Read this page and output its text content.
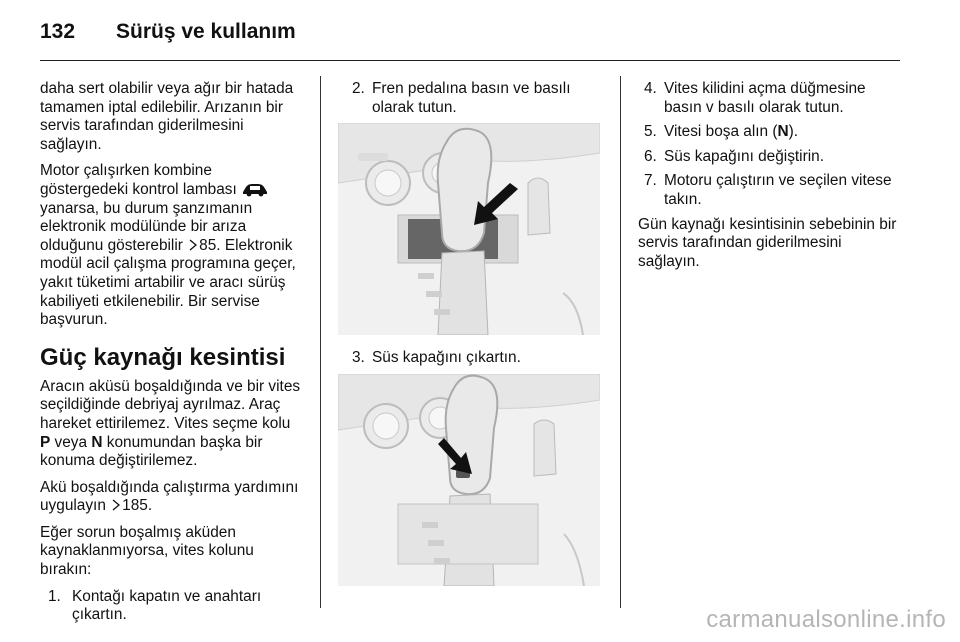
132 Sürüş ve kullanım

daha sert olabilir veya ağır bir hatada tamamen iptal edilebilir. Arızanın bir servis tarafından giderilmesini sağlayın.

Motor çalışırken kombine göstergedeki kontrol lambası  yanarsa, bu durum şanzımanın elektronik modülünde bir arıza olduğunu gösterebilir 85. Elektronik modül acil çalışma programına geçer, yakıt tüketimi artabilir ve aracı sürüş kabiliyeti etkilenebilir. Bir servise başvurun.

Güç kaynağı kesintisi

Aracın aküsü boşaldığında ve bir vites seçildiğinde debriyaj ayrılmaz. Araç hareket ettirilemez. Vites seçme kolu P veya N konumundan başka bir konuma değiştirilemez.

Akü boşaldığında çalıştırma yardımını uygulayın 185.

Eğer sorun boşalmış aküden kaynaklanmıyorsa, vites kolunu bırakın:

1. Kontağı kapatın ve anahtarı çıkartın.
2. Fren pedalına basın ve basılı olarak tutun.
3. Süs kapağını çıkartın.
4. Vites kilidini açma düğmesine basın v basılı olarak tutun.
5. Vitesi boşa alın (N).
6. Süs kapağını değiştirin.
7. Motoru çalıştırın ve seçilen vitese takın.

Gün kaynağı kesintisinin sebebinin bir servis tarafından giderilmesini sağlayın.

carmanualsonline.info
